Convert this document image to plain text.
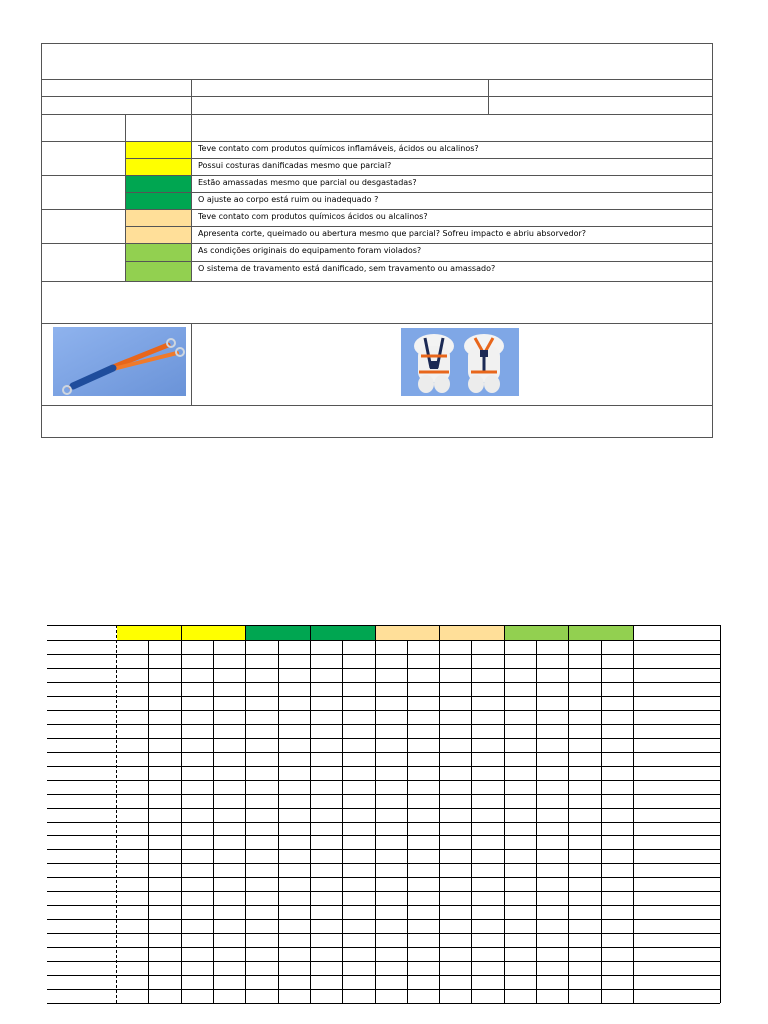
Teve contato com produtos químicos inflamáveis, ácidos ou alcalinos?
Possui costuras danificadas mesmo que parcial?
Estão amassadas mesmo que parcial ou desgastadas?
O ajuste ao corpo está ruim ou inadequado ?
Teve contato com produtos químicos ácidos ou alcalinos?
Apresenta corte, queimado ou abertura mesmo que parcial? Sofreu impacto e abriu absorvedor?
As condições originais do equipamento foram violados?
O sistema de travamento está danificado, sem travamento ou amassado?
